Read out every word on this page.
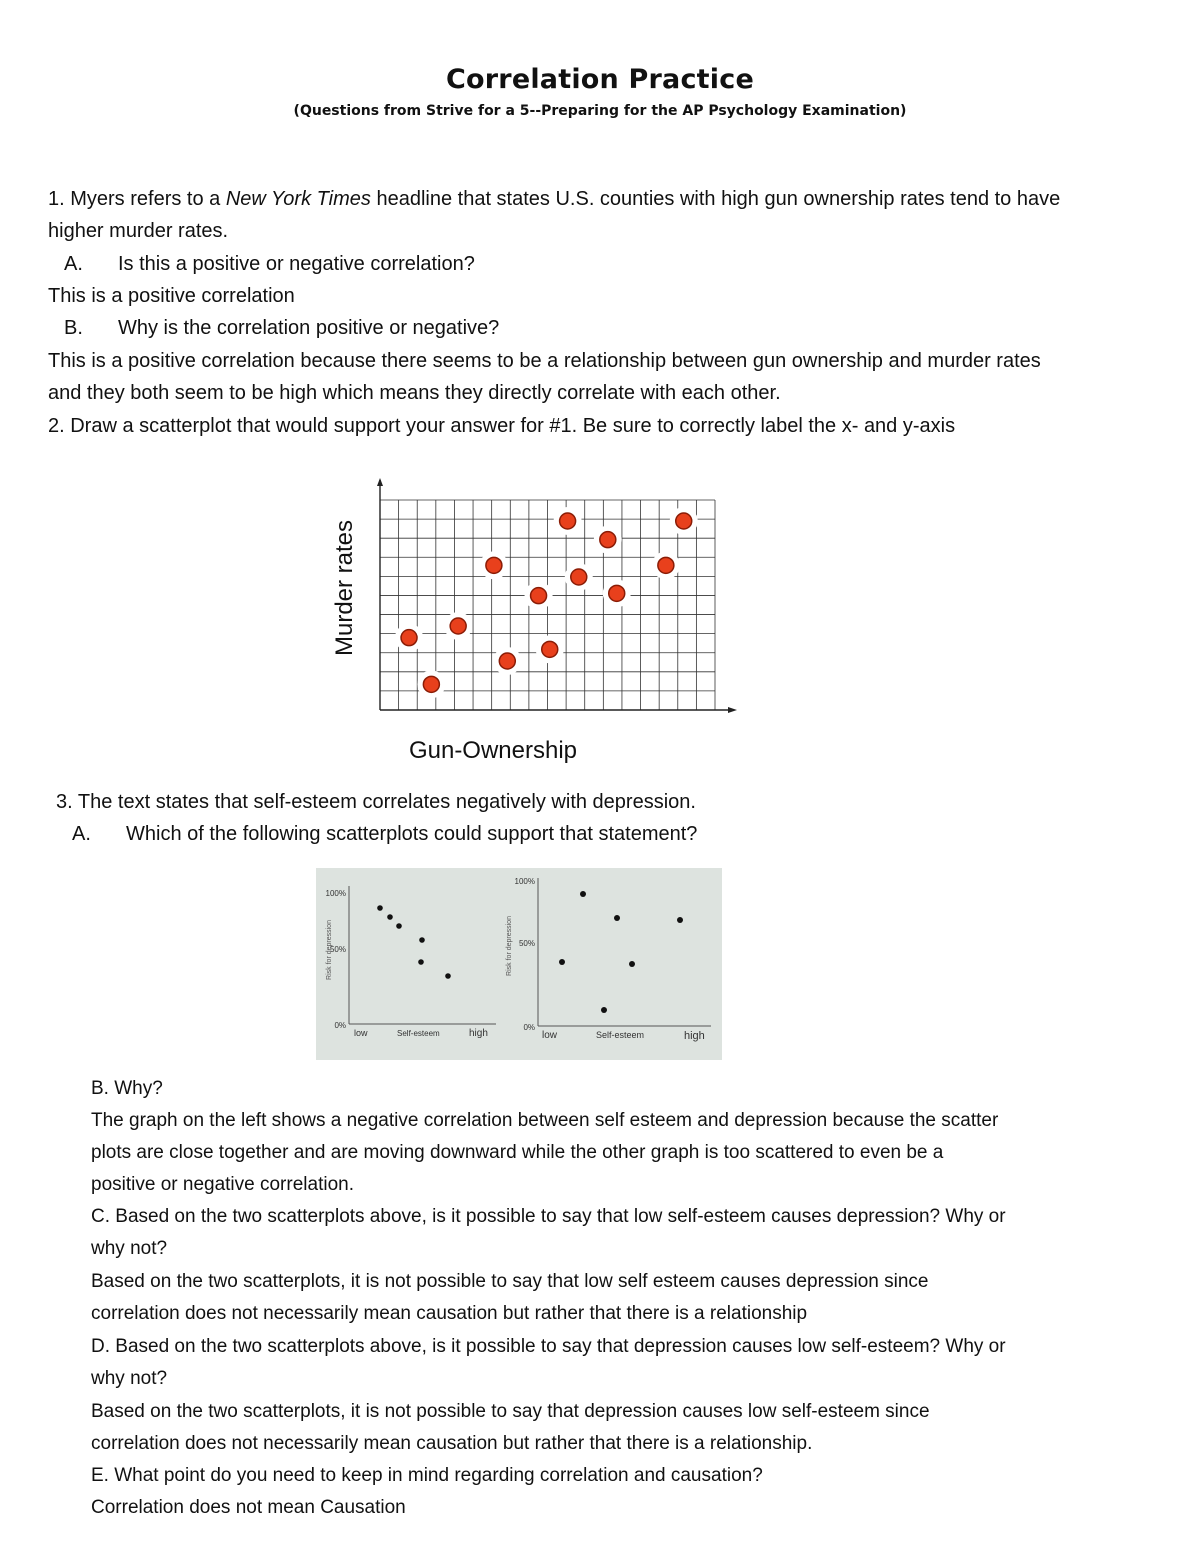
Correlation Practice
(Questions from Strive for a 5--Preparing for the AP Psychology Examination)
1. Myers refers to a New York Times headline that states U.S. counties with high gun ownership rates tend to have
higher murder rates.
A. Is this a positive or negative correlation?
This is a positive correlation
B. Why is the correlation positive or negative?
This is a positive correlation because there seems to be a relationship between gun ownership and murder rates
and they both seem to be high which means they directly correlate with each other.
2. Draw a scatterplot that would support your answer for #1. Be sure to correctly label the x- and y-axis
Gun-Ownership
Murder rates
3. The text states that self-esteem correlates negatively with depression.
A. Which of the following scatterplots could support that statement?
100%
50%
0%
Risk for depression
low	Self-esteem	high
100%
50%
0%
Risk for depression
low	Self-esteem	high
B. Why?
The graph on the left shows a negative correlation between self esteem and depression because the scatter
plots are close together and are moving downward while the other graph is too scattered to even be a
positive or negative correlation.
C. Based on the two scatterplots above, is it possible to say that low self-esteem causes depression? Why or
why not?
Based on the two scatterplots, it is not possible to say that low self esteem causes depression since
correlation does not necessarily mean causation but rather that there is a relationship
D. Based on the two scatterplots above, is it possible to say that depression causes low self-esteem? Why or
why not?
Based on the two scatterplots, it is not possible to say that depression causes low self-esteem since
correlation does not necessarily mean causation but rather that there is a relationship.
E. What point do you need to keep in mind regarding correlation and causation?
Correlation does not mean Causation
